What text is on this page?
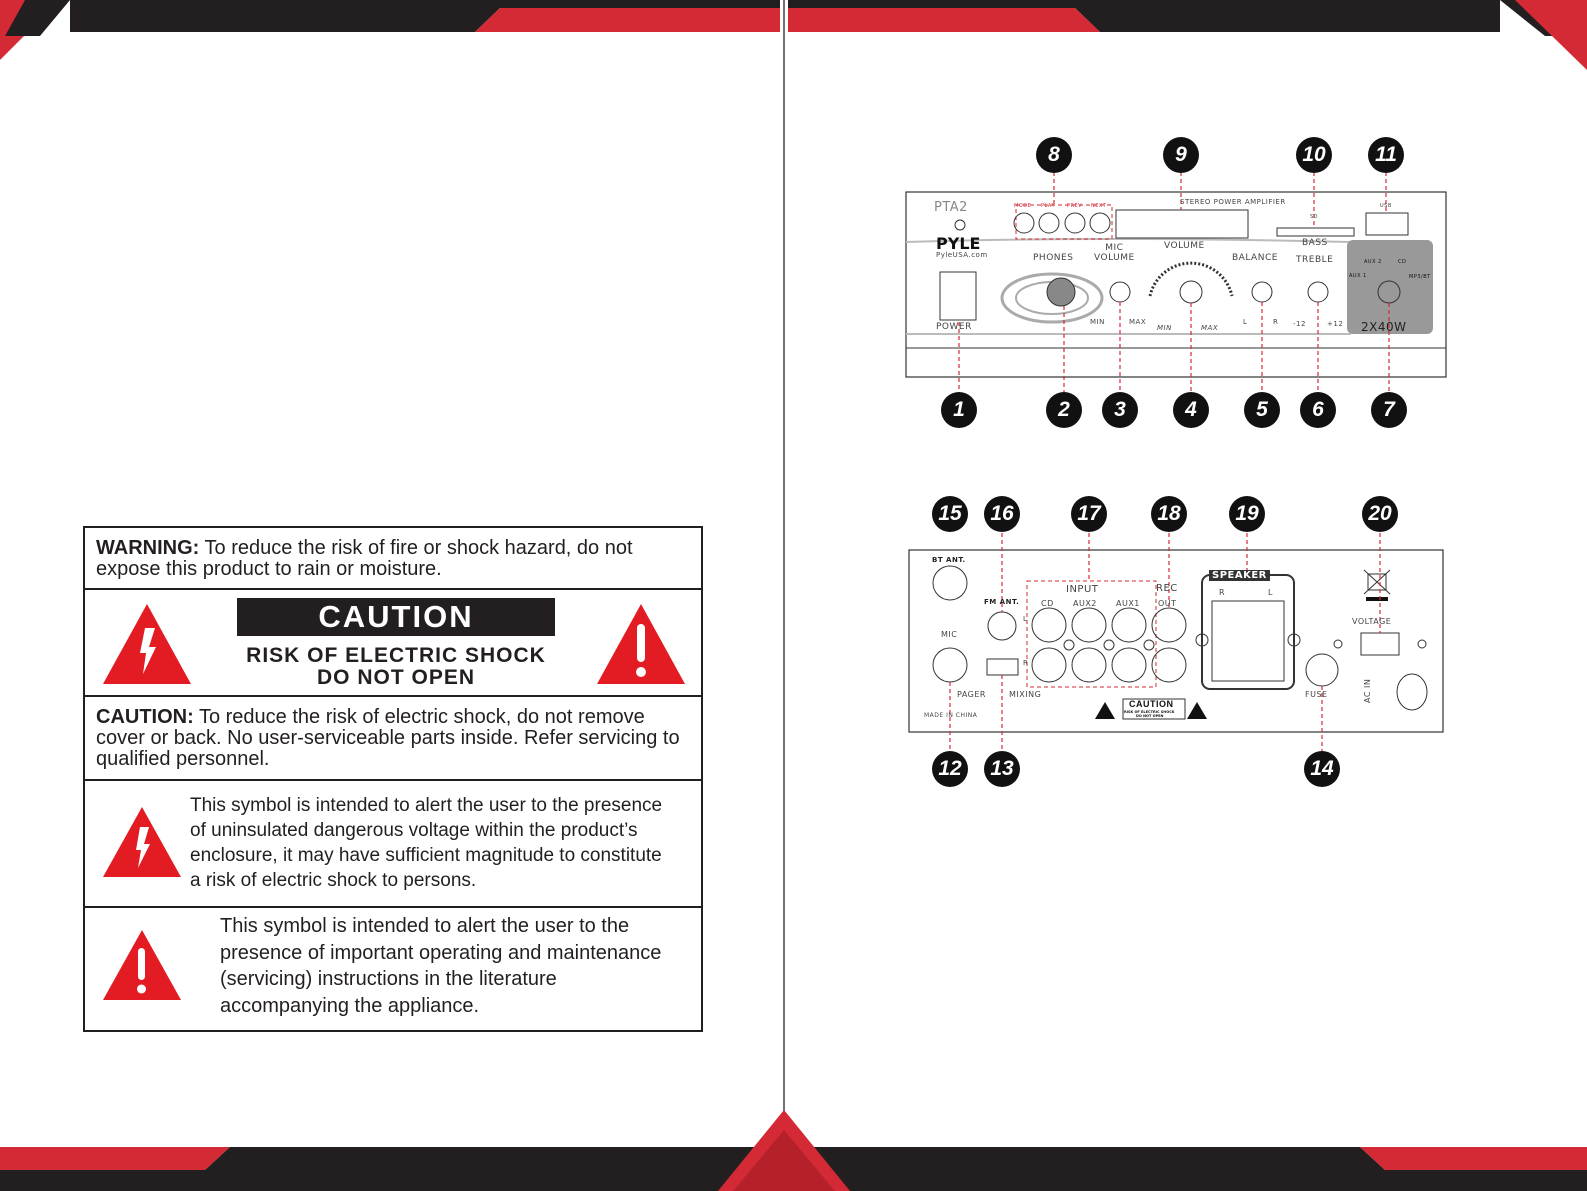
WARNING: To reduce the risk of fire or shock hazard, do not expose this product to rain or moisture.
CAUTION
RISK OF ELECTRIC SHOCK
DO NOT OPEN
CAUTION: To reduce the risk of electric shock, do not remove cover or back. No user-serviceable parts inside. Refer servicing to qualified personnel.
This symbol is intended to alert the user to the presence
of uninsulated dangerous voltage within the product’s
enclosure, it may have sufficient magnitude to constitute
a risk of electric shock to persons.
This symbol is intended to alert the user to the
presence of important operating and maintenance
(servicing) instructions in the literature
accompanying the appliance.
PTA2
PYLE
PyleUSA.com
STEREO POWER AMPLIFIER
MODE PLAY PREV NEXT
SD
USB
POWER
PHONES
MIC
VOLUME
VOLUME
BALANCE
BASS
TREBLE
MIN	MAX
MIN	MAX
L	R -12	+12
AUX 1
AUX 2	CD
MP3/BT
2X40W
8	9	10	11
1	2	3	4	5	6	7
BT ANT.
FM ANT.
MIC
INPUT	REC
CD AUX2 AUX1 OUT
SPEAKER
R	L
L
R
PAGER	MIXING
MADE IN CHINA
CAUTION
RISK OF ELECTRIC SHOCK
DO NOT OPEN
VOLTAGE
FUSE	AC IN
15	16	17	18	19	20
12	13	14
